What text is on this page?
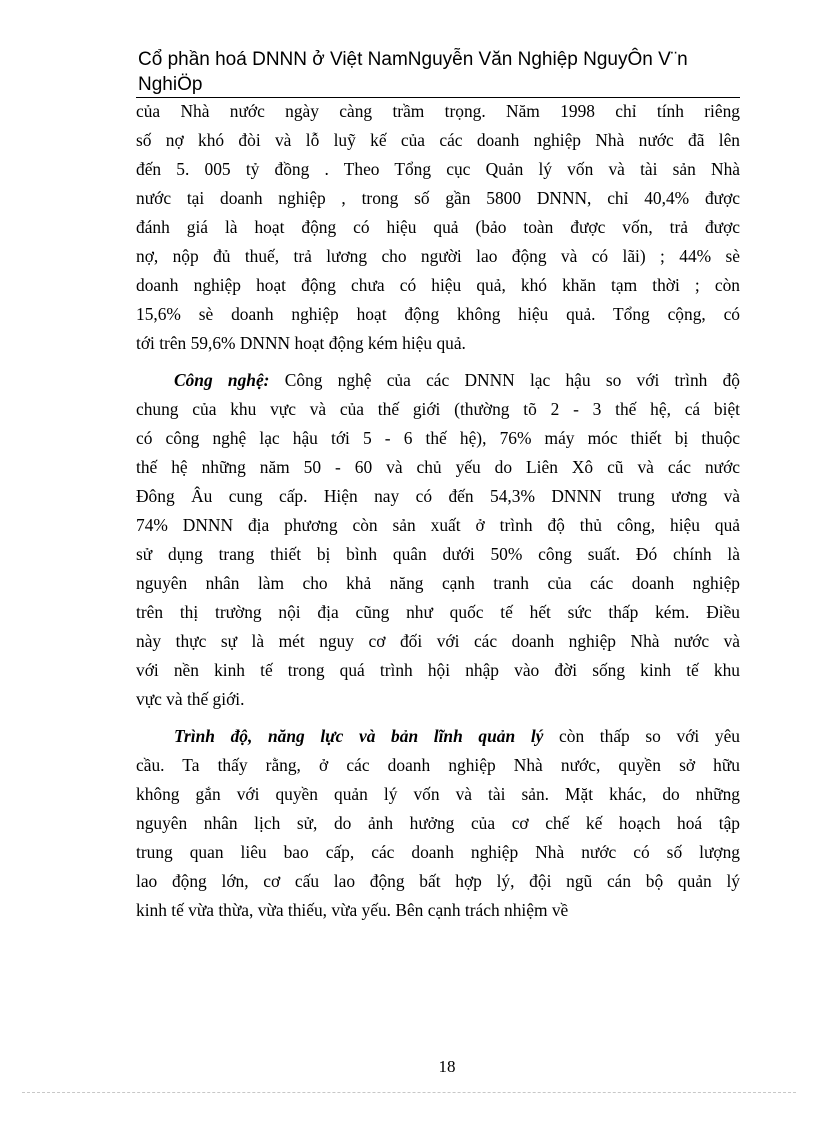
Cổ phần hoá DNNN ở Việt NamNguyễn Văn Nghiệp NguyÔn V¨n NghiÖp
của Nhà nước ngày càng trầm trọng. Năm 1998 chỉ tính riêng
số nợ khó đòi và lỗ luỹ kế của các doanh nghiệp Nhà nước đã lên
đến 5. 005 tỷ đồng . Theo Tổng cục Quản lý vốn và tài sản Nhà
nước tại doanh nghiệp , trong số gần 5800 DNNN, chỉ 40,4% được
đánh giá là hoạt động có hiệu quả (bảo toàn được vốn, trả được
nợ, nộp đủ thuế, trả lương cho người lao động và có lãi) ; 44% sè
doanh nghiệp hoạt động chưa có hiệu quả, khó khăn tạm thời ; còn
15,6% sè doanh nghiệp hoạt động không hiệu quả. Tổng cộng, có
tới trên 59,6% DNNN hoạt động kém hiệu quả.
Công nghệ: Công nghệ của các DNNN lạc hậu so với trình độ
chung của khu vực và của thế giới (thường tõ 2 - 3 thế hệ, cá biệt
có công nghệ lạc hậu tới 5 - 6 thế hệ), 76% máy móc thiết bị thuộc
thế hệ những năm 50 - 60 và chủ yếu do Liên Xô cũ và các nước
Đông Âu cung cấp. Hiện nay có đến 54,3% DNNN trung ương và
74% DNNN địa phương còn sản xuất ở trình độ thủ công, hiệu quả
sử dụng trang thiết bị bình quân dưới 50% công suất. Đó chính là
nguyên nhân làm cho khả năng cạnh tranh của các doanh nghiệp
trên thị trường nội địa cũng như quốc tế hết sức thấp kém. Điều
này thực sự là mét nguy cơ đối với các doanh nghiệp Nhà nước và
với nền kinh tế trong quá trình hội nhập vào đời sống kinh tế khu
vực và thế giới.
Trình độ, năng lực và bản lĩnh quản lý còn thấp so với yêu
cầu. Ta thấy rằng, ở các doanh nghiệp Nhà nước, quyền sở hữu
không gắn với quyền quản lý vốn và tài sản. Mặt khác, do những
nguyên nhân lịch sử, do ảnh hưởng của cơ chế kế hoạch hoá tập
trung quan liêu bao cấp, các doanh nghiệp Nhà nước có số lượng
lao động lớn, cơ cấu lao động bất hợp lý, đội ngũ cán bộ quản lý
kinh tế vừa thừa, vừa thiếu, vừa yếu. Bên cạnh trách nhiệm về
18
